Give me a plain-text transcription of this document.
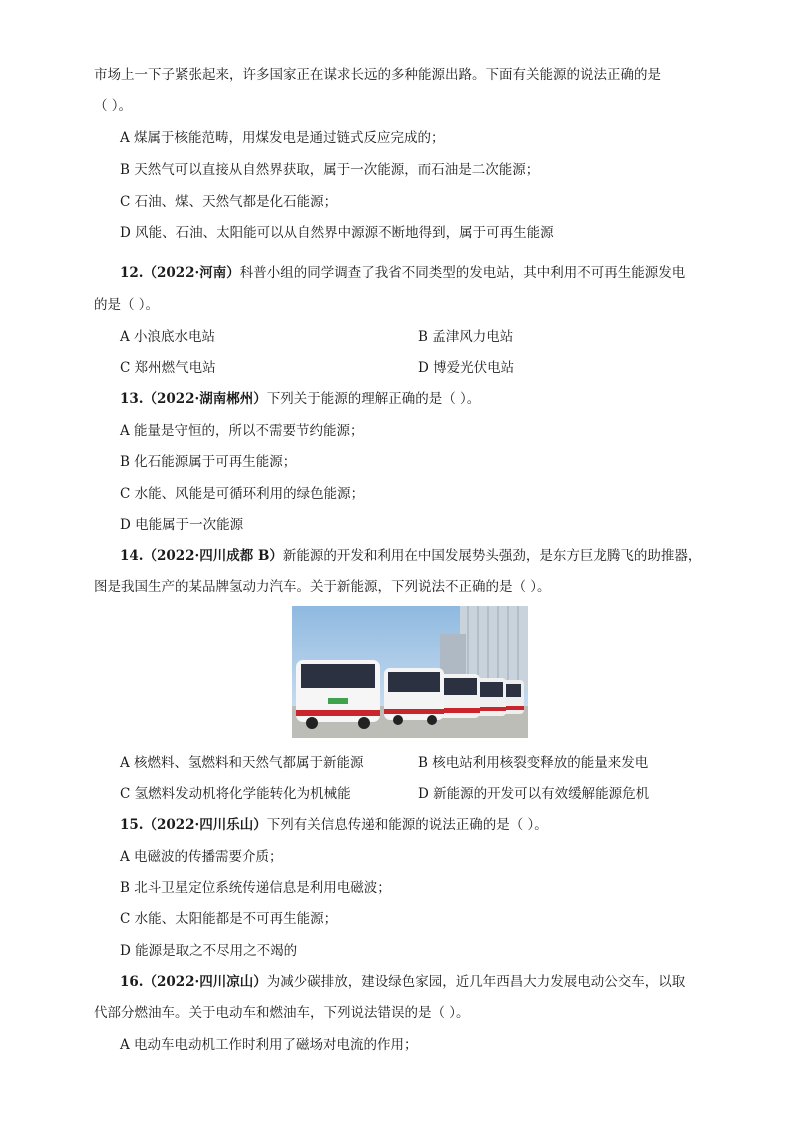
市场上一下子紧张起来，许多国家正在谋求长远的多种能源出路。下面有关能源的说法正确的是
（ ）。
A 煤属于核能范畴，用煤发电是通过链式反应完成的；
B 天然气可以直接从自然界获取，属于一次能源，而石油是二次能源；
C 石油、煤、天然气都是化石能源；
D 风能、石油、太阳能可以从自然界中源源不断地得到，属于可再生能源
12.（2022·河南）科普小组的同学调查了我省不同类型的发电站，其中利用不可再生能源发电
的是（ ）。
A 小浪底水电站	B 孟津风力电站
C 郑州燃气电站	D 博爱光伏电站
13.（2022·湖南郴州）下列关于能源的理解正确的是（ ）。
A 能量是守恒的，所以不需要节约能源；
B 化石能源属于可再生能源；
C 水能、风能是可循环利用的绿色能源；
D 电能属于一次能源
14.（2022·四川成都 B）新能源的开发和利用在中国发展势头强劲，是东方巨龙腾飞的助推器，
图是我国生产的某品牌氢动力汽车。关于新能源，下列说法不正确的是（ ）。
A 核燃料、氢燃料和天然气都属于新能源	B 核电站利用核裂变释放的能量来发电
C 氢燃料发动机将化学能转化为机械能	D 新能源的开发可以有效缓解能源危机
15.（2022·四川乐山）下列有关信息传递和能源的说法正确的是（ ）。
A 电磁波的传播需要介质；
B 北斗卫星定位系统传递信息是利用电磁波；
C 水能、太阳能都是不可再生能源；
D 能源是取之不尽用之不竭的
16.（2022·四川凉山）为减少碳排放，建设绿色家园，近几年西昌大力发展电动公交车，以取
代部分燃油车。关于电动车和燃油车，下列说法错误的是（ ）。
A 电动车电动机工作时利用了磁场对电流的作用；
